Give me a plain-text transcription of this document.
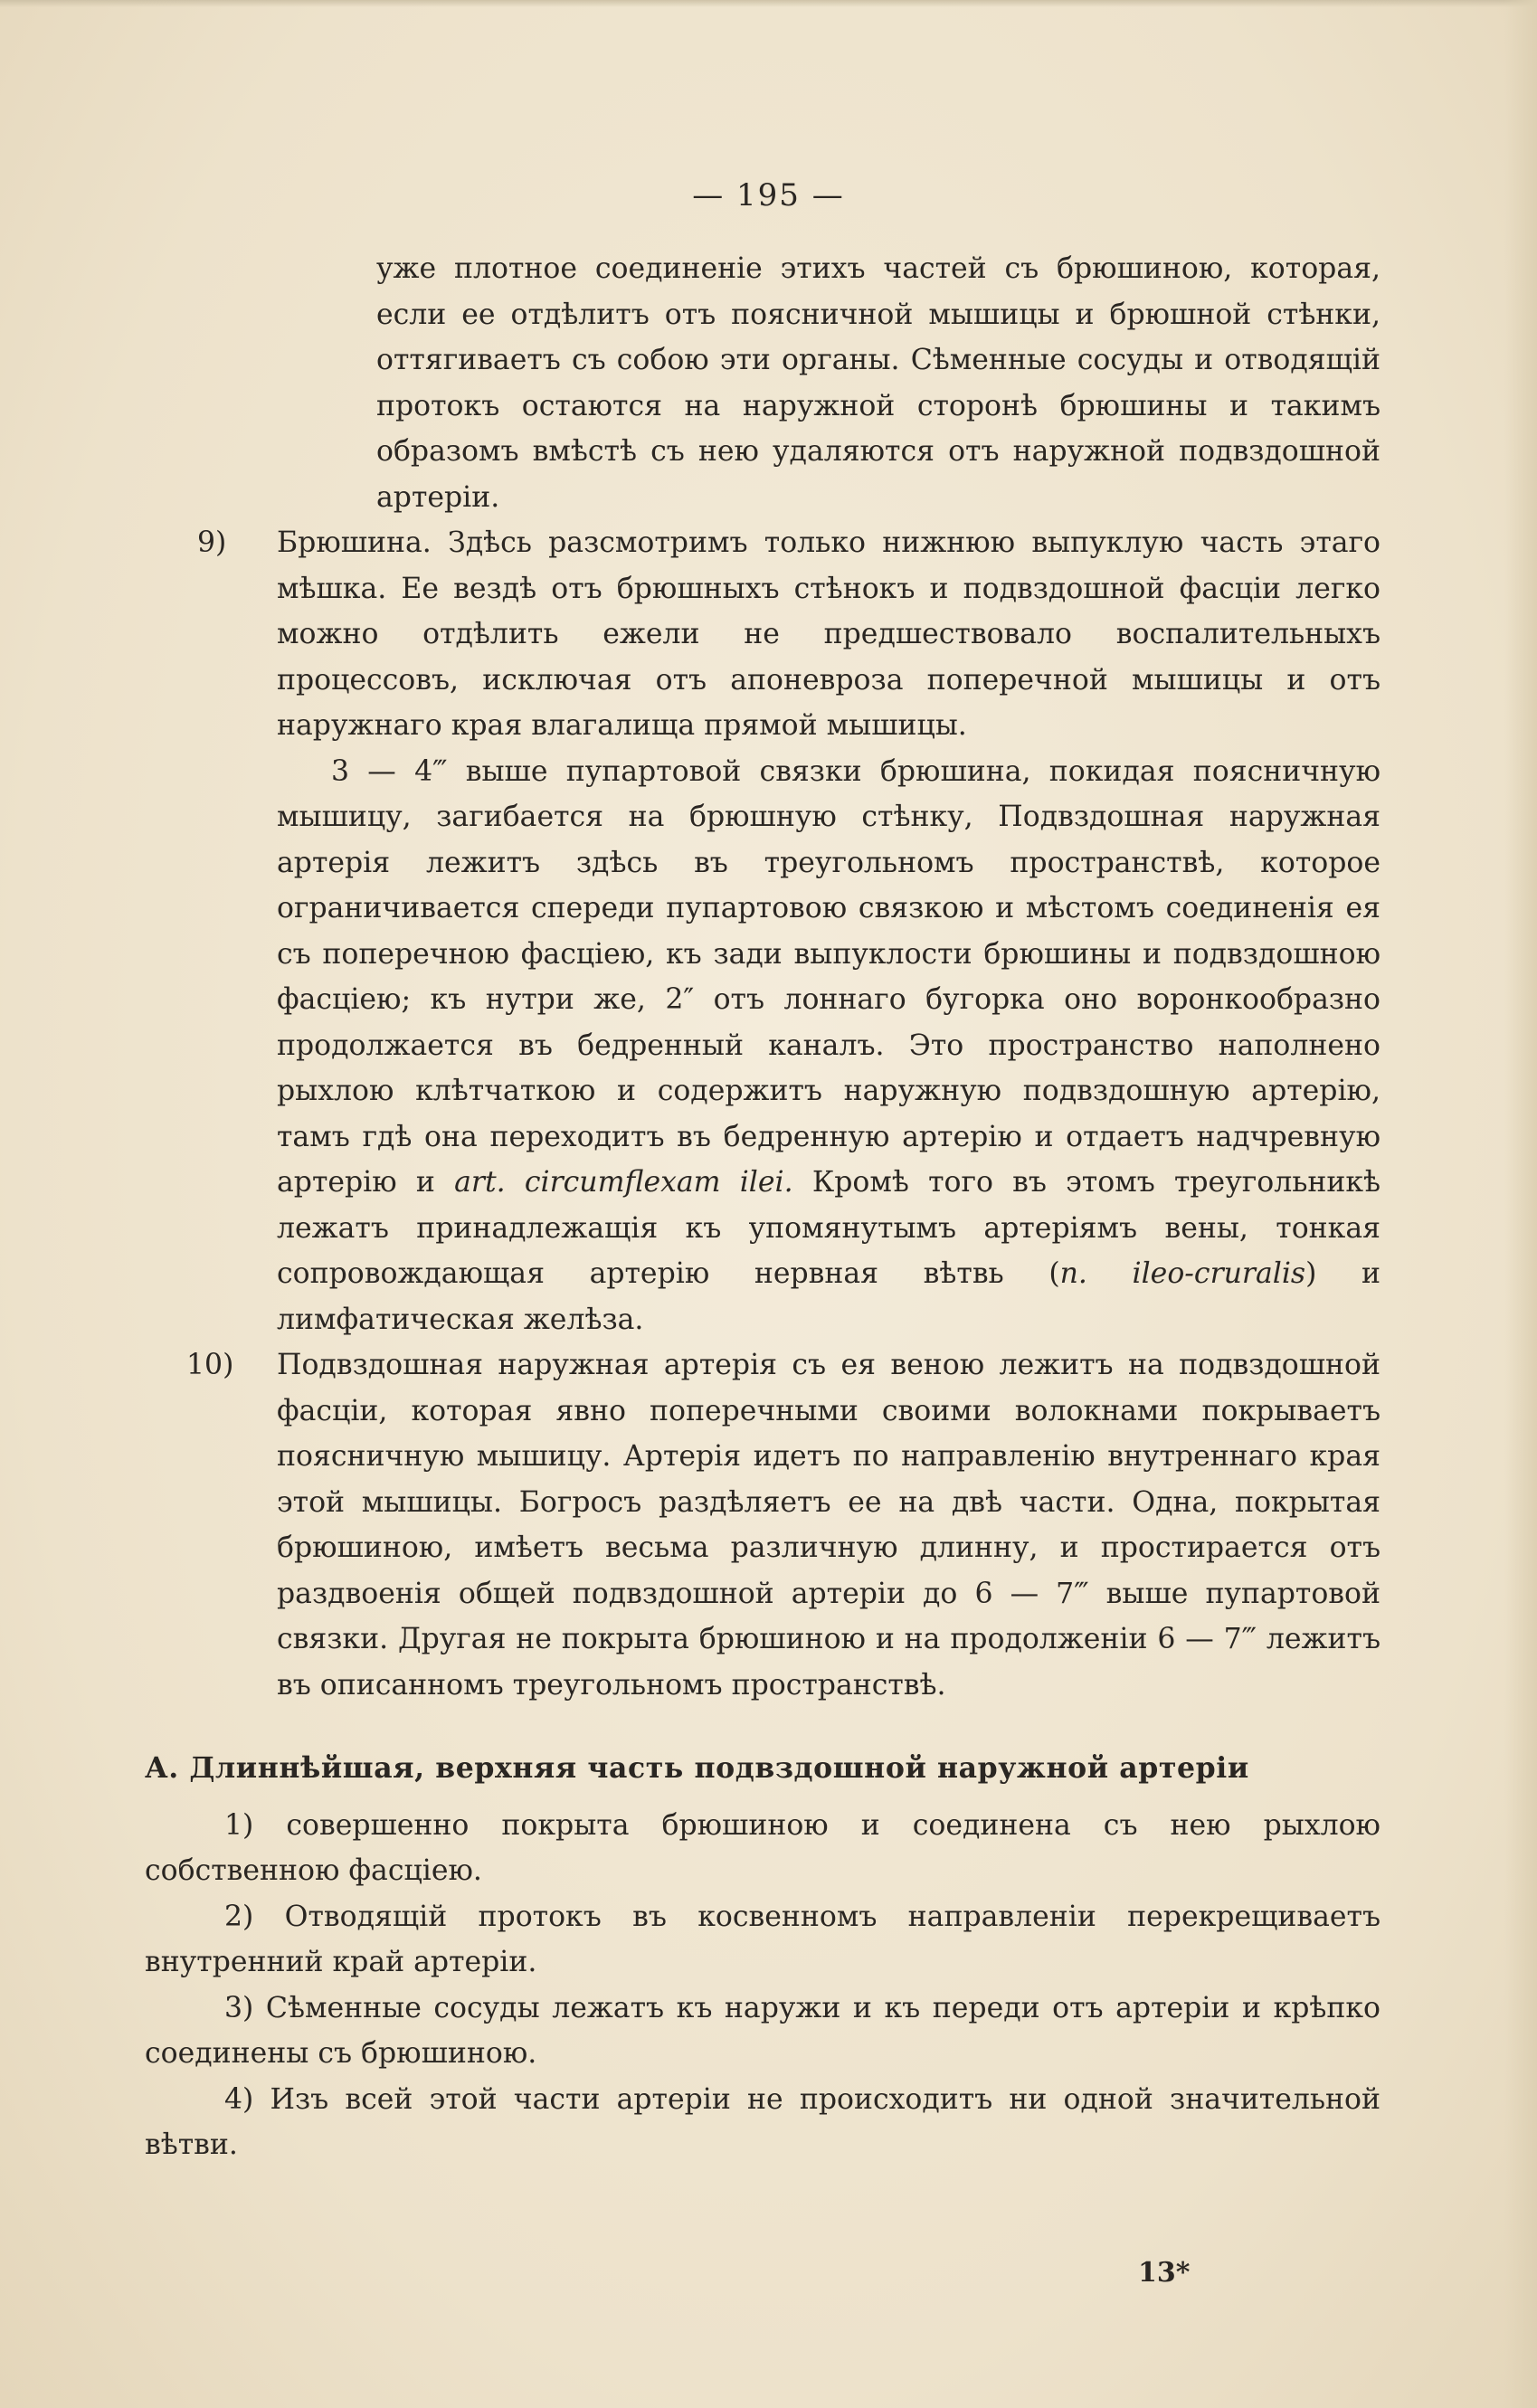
— 195 —

уже плотное соединеніе этихъ частей съ брюшиною, которая, если ее отдѣлитъ отъ поясничной мышицы и брюшной стѣнки, оттягиваетъ съ собою эти органы. Сѣменные сосуды и отводящій протокъ остаются на наружной сторонѣ брюшины и такимъ образомъ вмѣстѣ съ нею удаляются отъ наружной подвздошной артеріи.

9) Брюшина. Здѣсь разсмотримъ только нижнюю выпуклую часть этаго мѣшка. Ее вездѣ отъ брюшныхъ стѣнокъ и подвздошной фасціи легко можно отдѣлить ежели не предшествовало воспалительныхъ процессовъ, исключая отъ апоневроза поперечной мышицы и отъ наружнаго края влагалища прямой мышицы.

3 — 4‴ выше пупартовой связки брюшина, покидая поясничную мышицу, загибается на брюшную стѣнку, Подвздошная наружная артерія лежитъ здѣсь въ треугольномъ пространствѣ, которое ограничивается спереди пупартовою связкою и мѣстомъ соединенія ея съ поперечною фасціею, къ зади выпуклости брюшины и подвздошною фасціею; къ нутри же, 2″ отъ лоннаго бугорка оно воронкообразно продолжается въ бедренный каналъ. Это пространство наполнено рыхлою клѣтчаткою и содержитъ наружную подвздошную артерію, тамъ гдѣ она переходитъ въ бедренную артерію и отдаетъ надчревную артерію и art. circumflexam ilei. Кромѣ того въ этомъ треугольникѣ лежатъ принадлежащія къ упомянутымъ артеріямъ вены, тонкая сопровождающая артерію нервная вѣтвь (n. ileo-cruralis) и лимфатическая желѣза.

10) Подвздошная наружная артерія съ ея веною лежитъ на подвздошной фасціи, которая явно поперечными своими волокнами покрываетъ поясничную мышицу. Артерія идетъ по направленію внутреннаго края этой мышицы. Богросъ раздѣляетъ ее на двѣ части. Одна, покрытая брюшиною, имѣетъ весьма различную длинну, и простирается отъ раздвоенія общей подвздошной артеріи до 6 — 7‴ выше пупартовой связки. Другая не покрыта брюшиною и на продолженіи 6 — 7‴ лежитъ въ описанномъ треугольномъ пространствѣ.

А. Длиннѣйшая, верхняя часть подвздошной наружной артеріи

1) совершенно покрыта брюшиною и соединена съ нею рыхлою собственною фасціею.

2) Отводящій протокъ въ косвенномъ направленіи перекрещиваетъ внутренний край артеріи.

3) Сѣменные сосуды лежатъ къ наружи и къ переди отъ артеріи и крѣпко соединены съ брюшиною.

4) Изъ всей этой части артеріи не происходитъ ни одной значительной вѣтви.

13*
